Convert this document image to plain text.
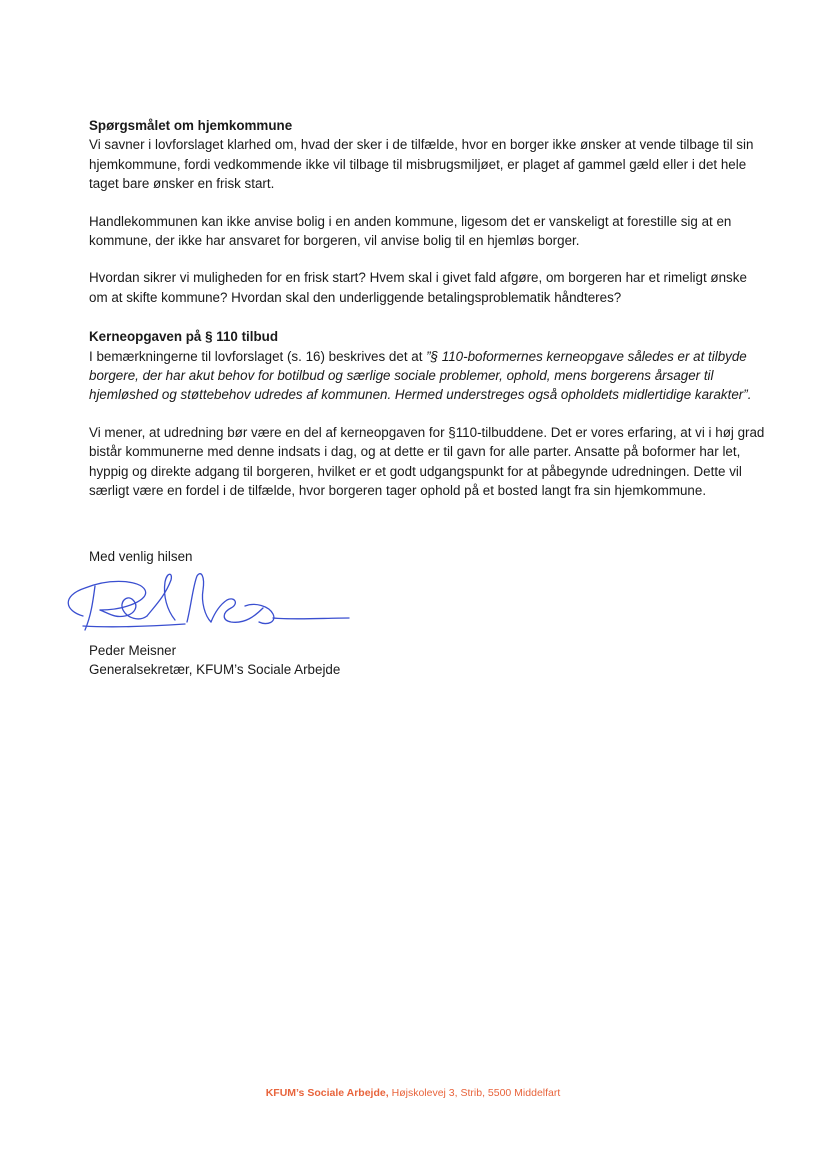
Spørgsmålet om hjemkommune

Vi savner i lovforslaget klarhed om, hvad der sker i de tilfælde, hvor en borger ikke ønsker at vende tilbage til sin hjemkommune, fordi vedkommende ikke vil tilbage til misbrugsmiljøet, er plaget af gammel gæld eller i det hele taget bare ønsker en frisk start.

Handlekommunen kan ikke anvise bolig i en anden kommune, ligesom det er vanskeligt at forestille sig at en kommune, der ikke har ansvaret for borgeren, vil anvise bolig til en hjemløs borger.

Hvordan sikrer vi muligheden for en frisk start? Hvem skal i givet fald afgøre, om borgeren har et rimeligt ønske om at skifte kommune? Hvordan skal den underliggende betalingsproblematik håndteres?

Kerneopgaven på § 110 tilbud

I bemærkningerne til lovforslaget (s. 16) beskrives det at ”§ 110-boformernes kerneopgave således er at tilbyde borgere, der har akut behov for botilbud og særlige sociale problemer, ophold, mens borgerens årsager til hjemløshed og støttebehov udredes af kommunen. Hermed understreges også opholdets midlertidige karakter”.

Vi mener, at udredning bør være en del af kerneopgaven for §110-tilbuddene. Det er vores erfaring, at vi i høj grad bistår kommunerne med denne indsats i dag, og at dette er til gavn for alle parter. Ansatte på boformer har let, hyppig og direkte adgang til borgeren, hvilket er et godt udgangspunkt for at påbegynde udredningen. Dette vil særligt være en fordel i de tilfælde, hvor borgeren tager ophold på et bosted langt fra sin hjemkommune.

Med venlig hilsen
Peder Meisner
Generalsekretær, KFUM’s Sociale Arbejde
KFUM’s Sociale Arbejde, Højskolevej 3, Strib, 5500 Middelfart
